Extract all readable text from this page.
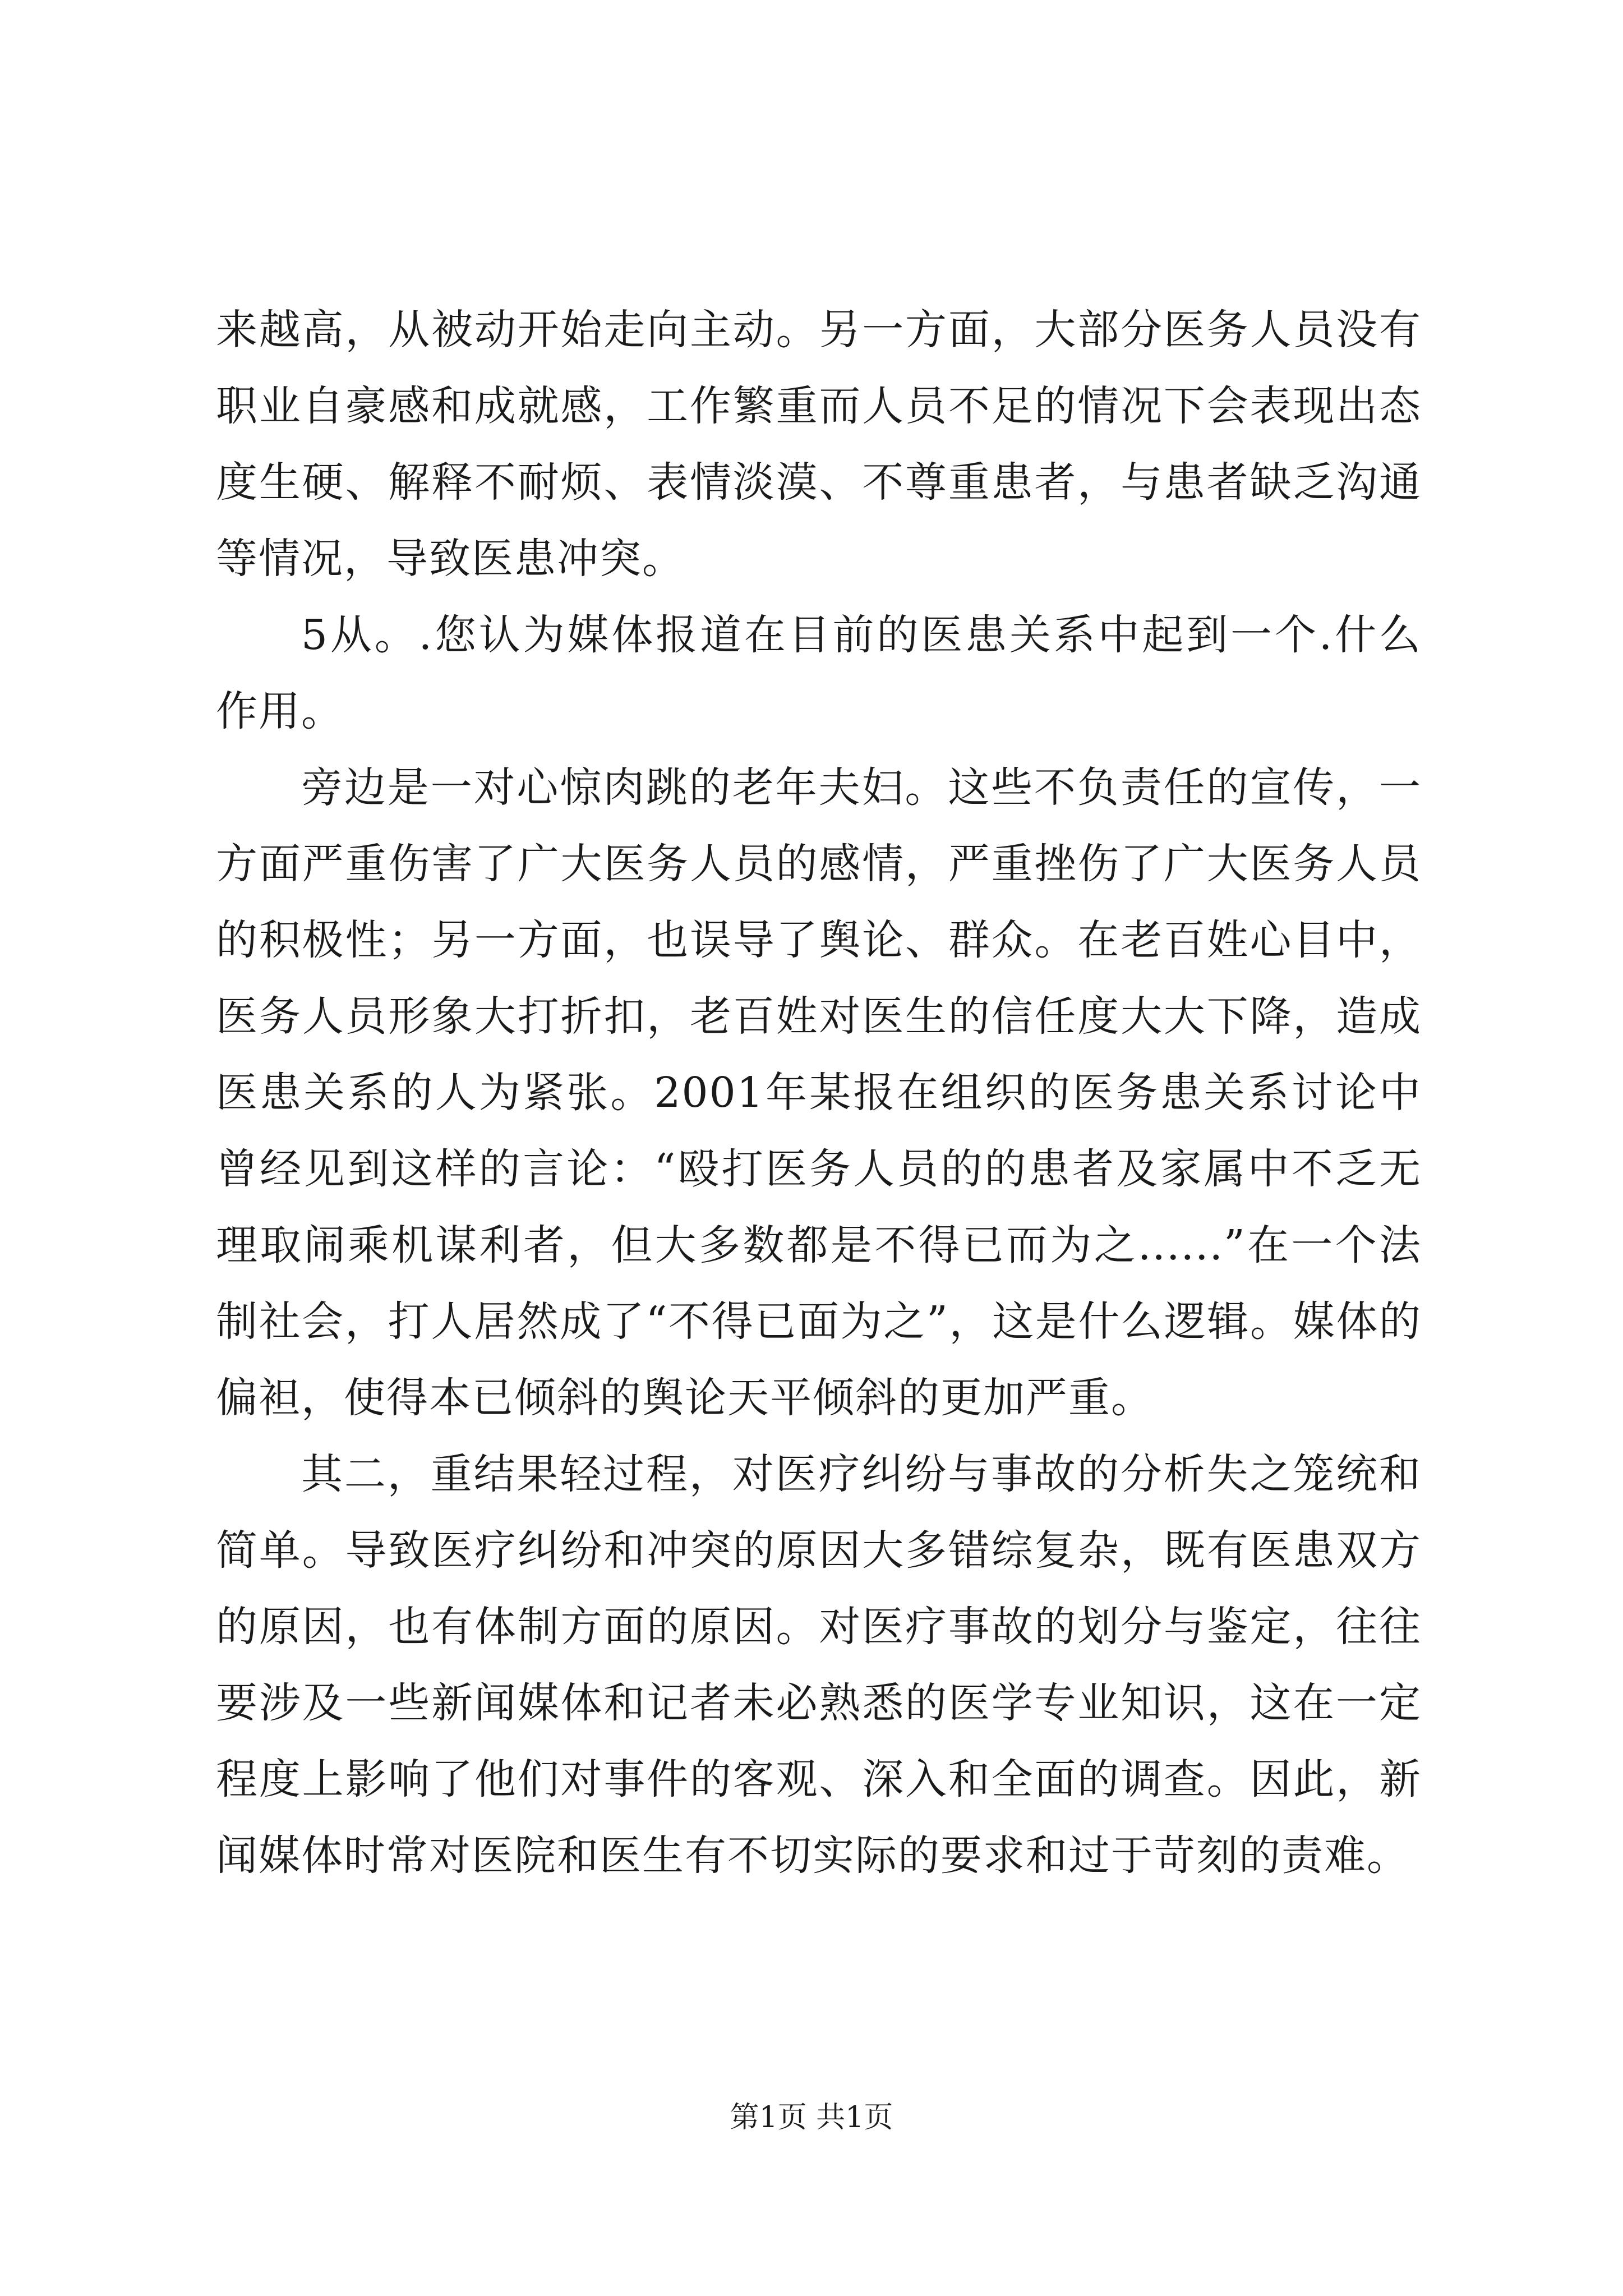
来越高，从被动开始走向主动。另一方面，大部分医务人员没有职业自豪感和成就感，工作繁重而人员不足的情况下会表现出态度生硬、解释不耐烦、表情淡漠、不尊重患者，与患者缺乏沟通等情况，导致医患冲突。

5从。.您认为媒体报道在目前的医患关系中起到一个.什么作用。

旁边是一对心惊肉跳的老年夫妇。这些不负责任的宣传，一方面严重伤害了广大医务人员的感情，严重挫伤了广大医务人员的积极性；另一方面，也误导了舆论、群众。在老百姓心目中，医务人员形象大打折扣，老百姓对医生的信任度大大下降，造成医患关系的人为紧张。2001年某报在组织的医务患关系讨论中曾经见到这样的言论：“殴打医务人员的的患者及家属中不乏无理取闹乘机谋利者，但大多数都是不得已而为之......”在一个法制社会，打人居然成了“不得已面为之”，这是什么逻辑。媒体的偏袒，使得本已倾斜的舆论天平倾斜的更加严重。

其二，重结果轻过程，对医疗纠纷与事故的分析失之笼统和简单。导致医疗纠纷和冲突的原因大多错综复杂，既有医患双方的原因，也有体制方面的原因。对医疗事故的划分与鉴定，往往要涉及一些新闻媒体和记者未必熟悉的医学专业知识，这在一定程度上影响了他们对事件的客观、深入和全面的调查。因此，新闻媒体时常对医院和医生有不切实际的要求和过于苛刻的责难。

第1页 共1页
